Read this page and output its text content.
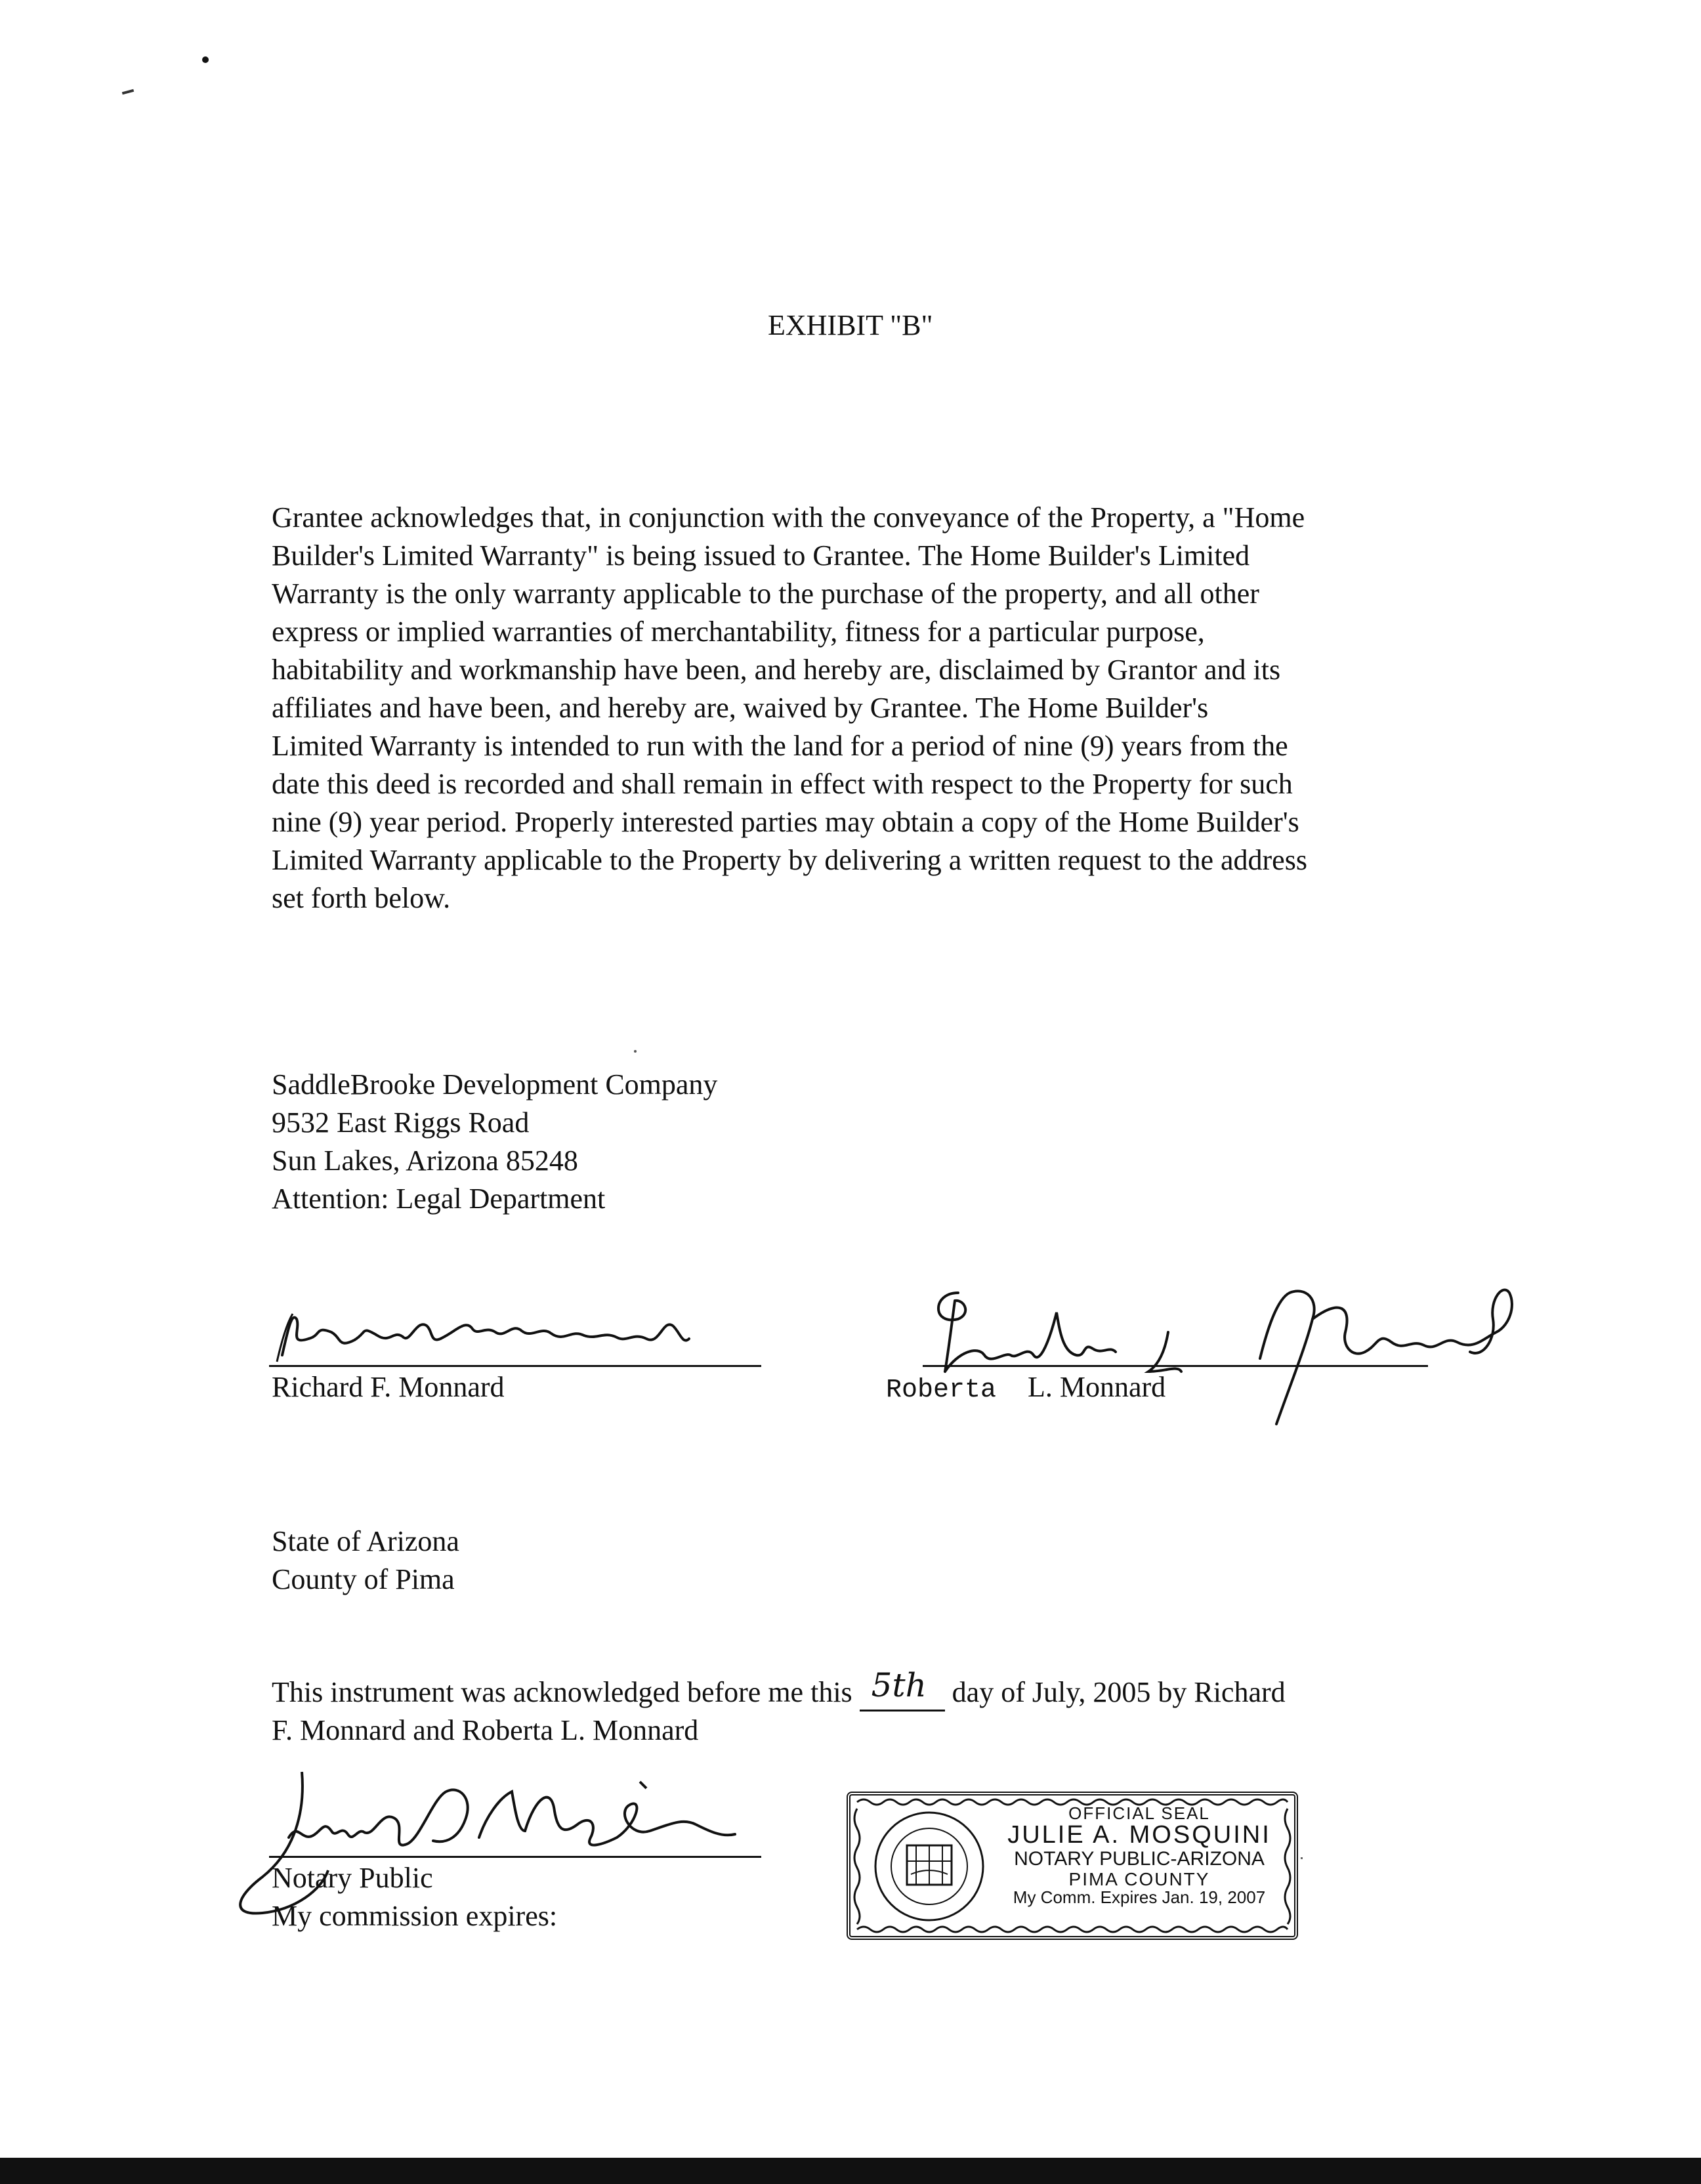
EXHIBIT "B"
Grantee acknowledges that, in conjunction with the conveyance of the Property, a "Home
Builder's Limited Warranty" is being issued to Grantee. The Home Builder's Limited
Warranty is the only warranty applicable to the purchase of the property, and all other
express or implied warranties of merchantability, fitness for a particular purpose,
habitability and workmanship have been, and hereby are, disclaimed by Grantor and its
affiliates and have been, and hereby are, waived by Grantee. The Home Builder's
Limited Warranty is intended to run with the land for a period of nine (9) years from the
date this deed is recorded and shall remain in effect with respect to the Property for such
nine (9) year period. Properly interested parties may obtain a copy of the Home Builder's
Limited Warranty applicable to the Property by delivering a written request to the address
set forth below.
SaddleBrooke Development Company
9532 East Riggs Road
Sun Lakes, Arizona 85248
Attention: Legal Department
Richard F. Monnard	Roberta L. Monnard
State of Arizona
County of Pima
This instrument was acknowledged before me this 5th day of July, 2005 by Richard
F. Monnard and Roberta L. Monnard
Notary Public
My commission expires:
OFFICIAL SEAL
JULIE A. MOSQUINI
NOTARY PUBLIC-ARIZONA
PIMA COUNTY
My Comm. Expires Jan. 19, 2007
